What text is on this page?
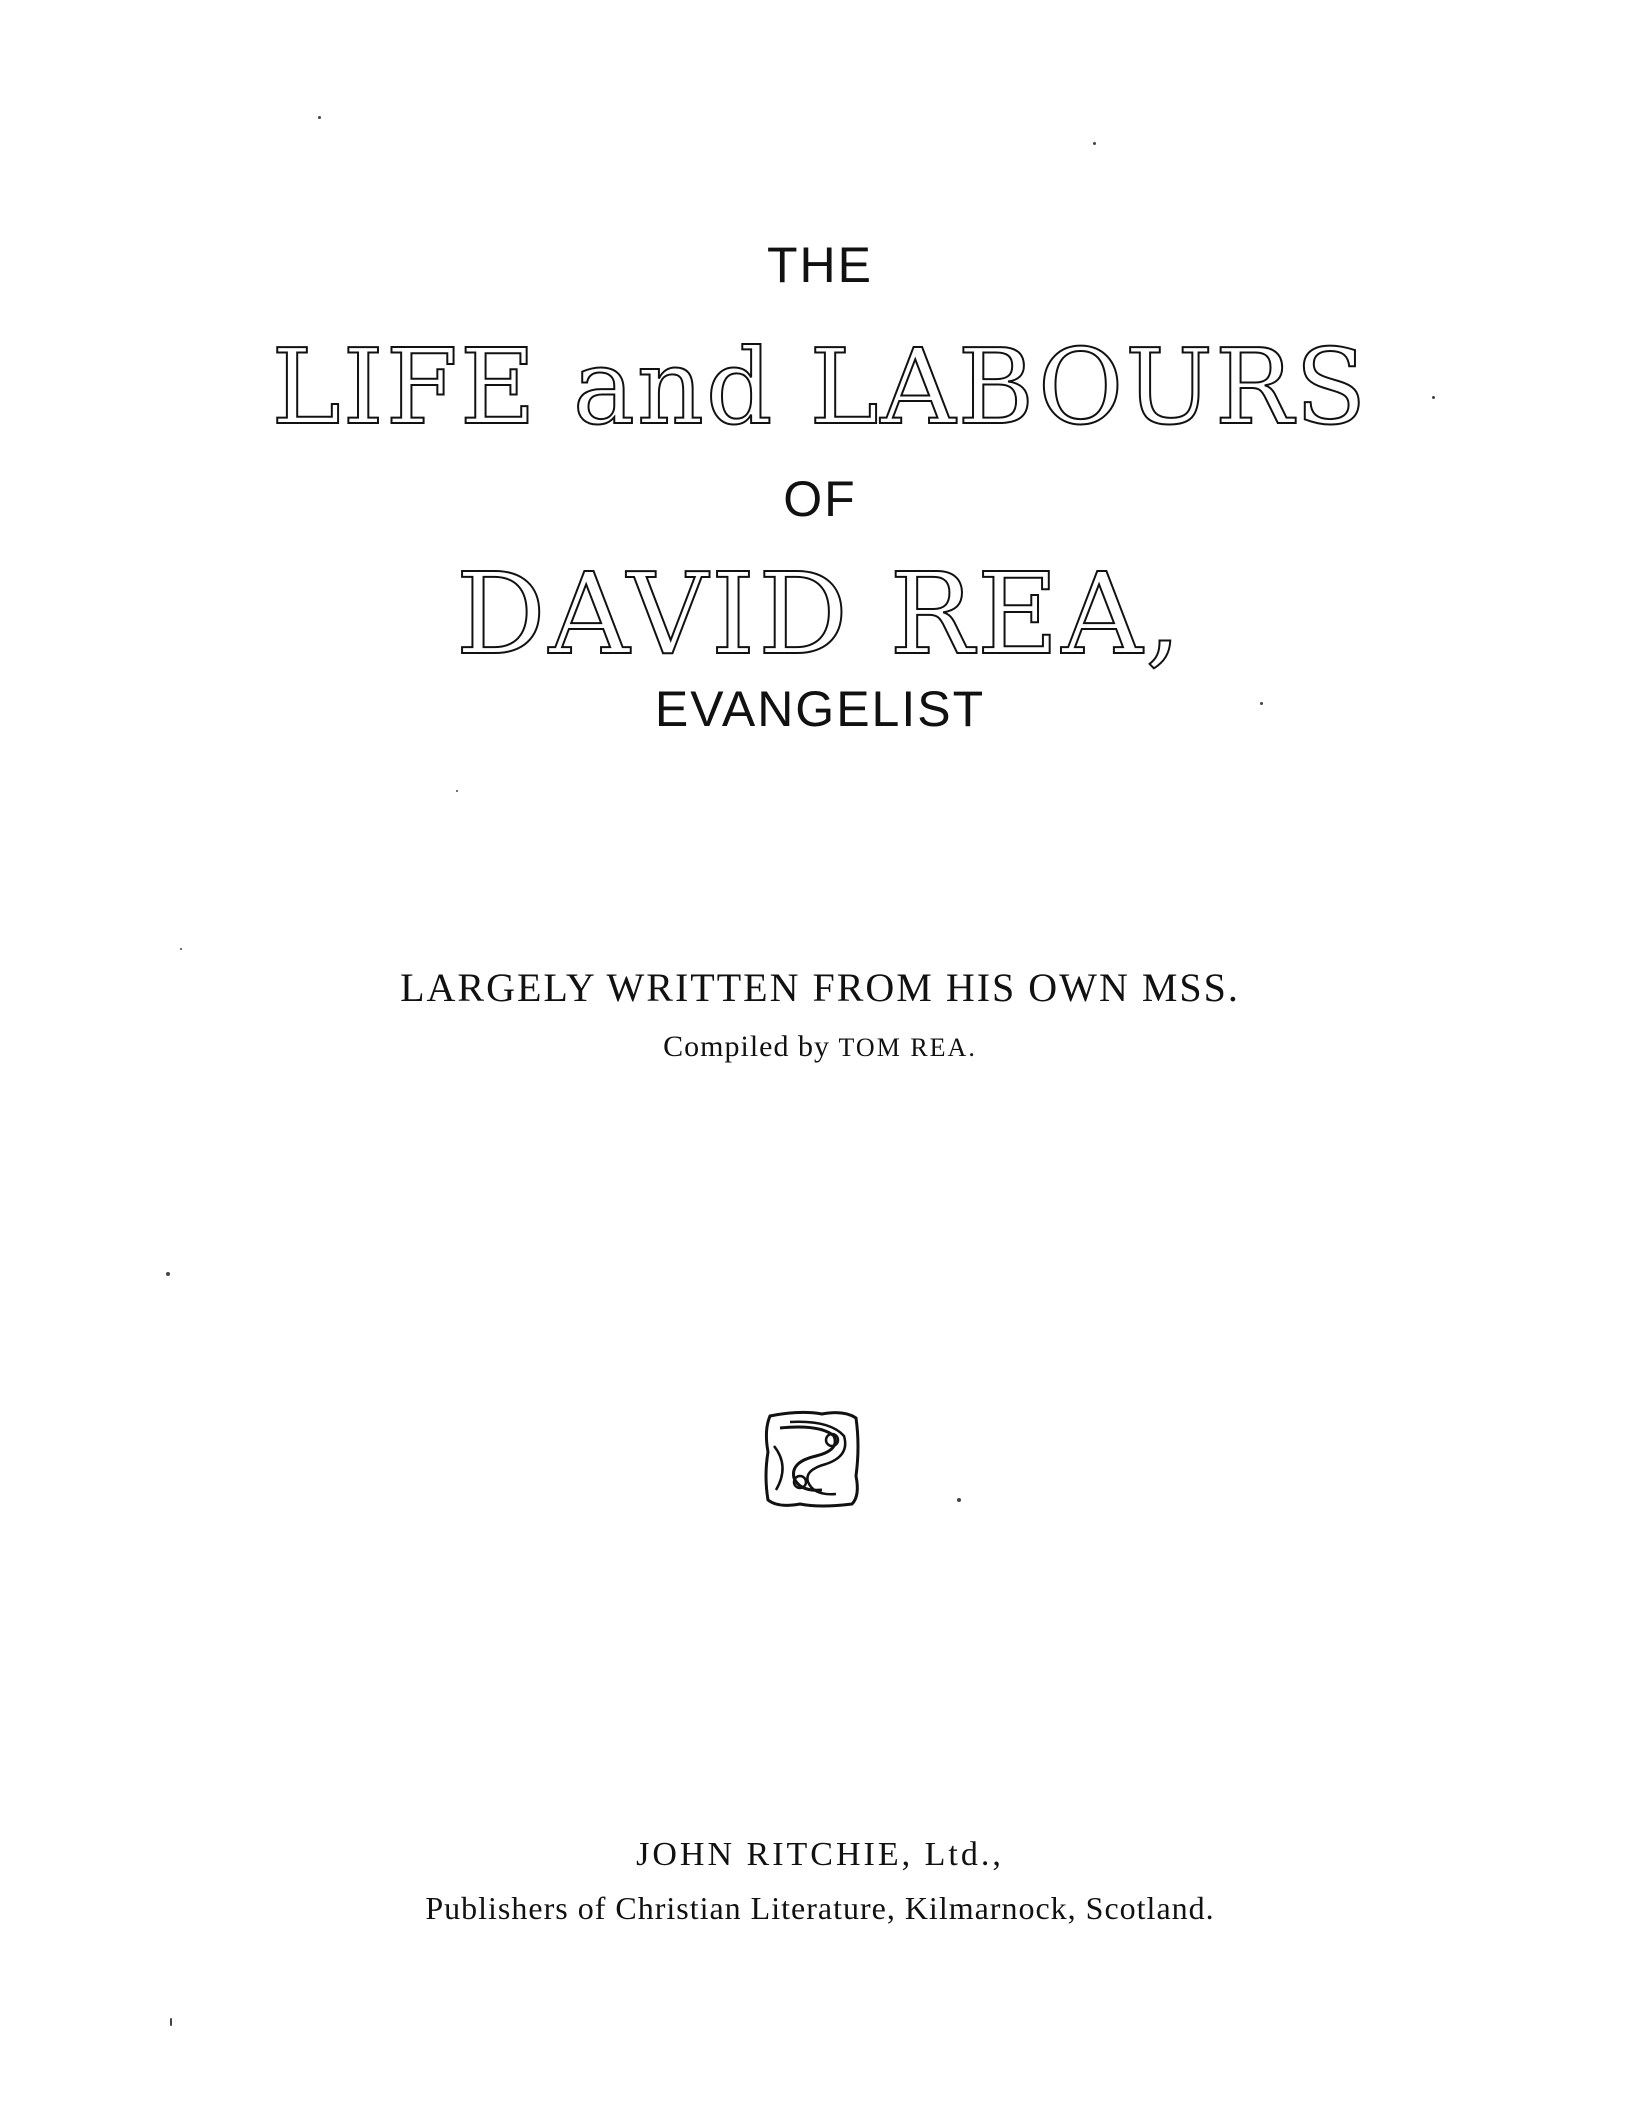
THE
LIFE and LABOURS
OF
DAVID REA,
EVANGELIST
LARGELY WRITTEN FROM HIS OWN MSS.
Compiled by TOM REA.
JOHN RITCHIE, Ltd.,
Publishers of Christian Literature, Kilmarnock, Scotland.
